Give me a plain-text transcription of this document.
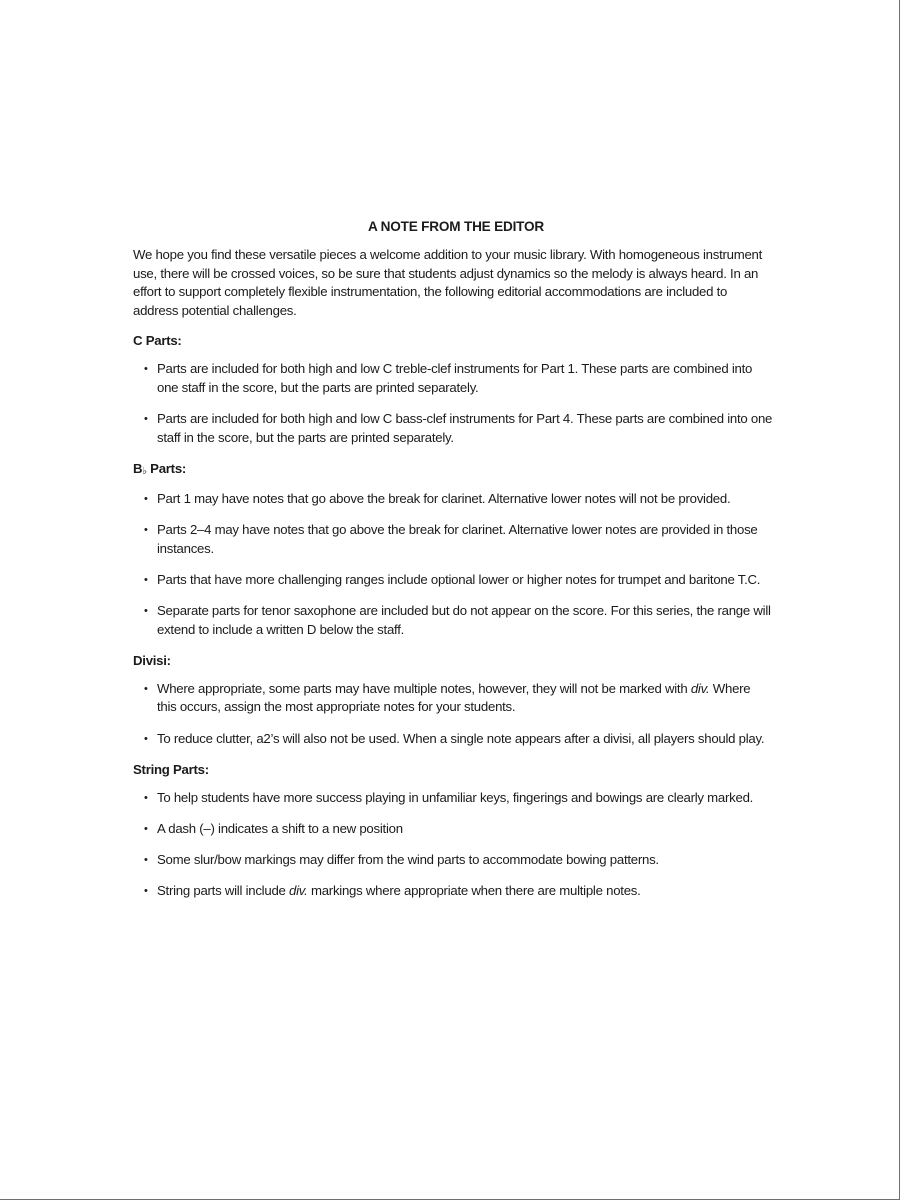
A NOTE FROM THE EDITOR

We hope you find these versatile pieces a welcome addition to your music library. With homogeneous instrument use, there will be crossed voices, so be sure that students adjust dynamics so the melody is always heard. In an effort to support completely flexible instrumentation, the following editorial accommodations are included to address potential challenges.

C Parts:
• Parts are included for both high and low C treble-clef instruments for Part 1. These parts are combined into one staff in the score, but the parts are printed separately.
• Parts are included for both high and low C bass-clef instruments for Part 4. These parts are combined into one staff in the score, but the parts are printed separately.
B♭ Parts:
• Part 1 may have notes that go above the break for clarinet. Alternative lower notes will not be provided.
• Parts 2–4 may have notes that go above the break for clarinet. Alternative lower notes are provided in those instances.
• Parts that have more challenging ranges include optional lower or higher notes for trumpet and baritone T.C.
• Separate parts for tenor saxophone are included but do not appear on the score. For this series, the range will extend to include a written D below the staff.
Divisi:
• Where appropriate, some parts may have multiple notes, however, they will not be marked with div. Where this occurs, assign the most appropriate notes for your students.
• To reduce clutter, a2’s will also not be used. When a single note appears after a divisi, all players should play.
String Parts:
• To help students have more success playing in unfamiliar keys, fingerings and bowings are clearly marked.
• A dash (–) indicates a shift to a new position
• Some slur/bow markings may differ from the wind parts to accommodate bowing patterns.
• String parts will include div. markings where appropriate when there are multiple notes.
